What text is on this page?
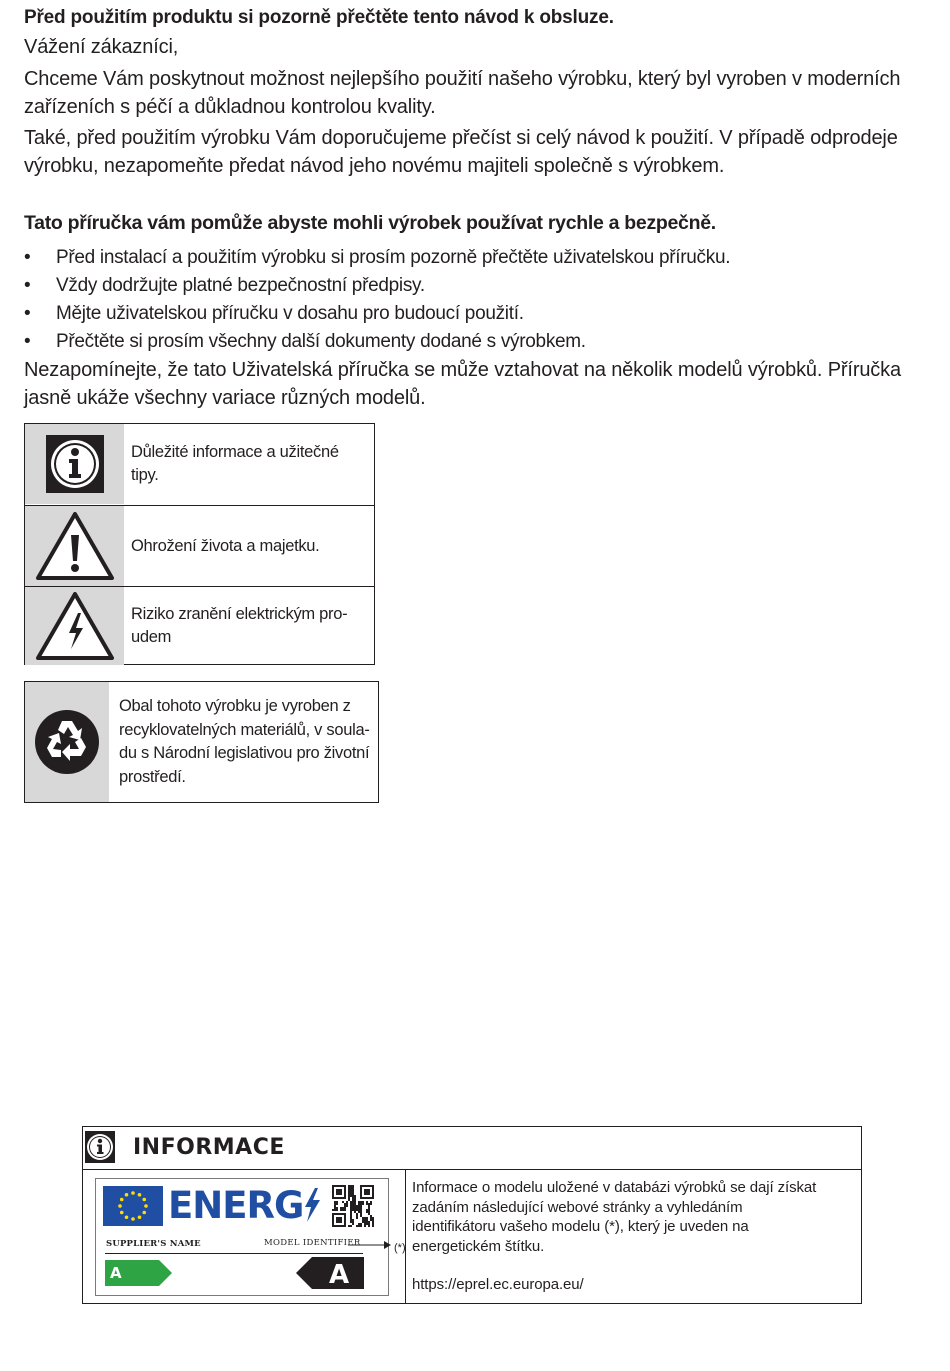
Před použitím produktu si pozorně přečtěte tento návod k obsluze.
Vážení zákazníci,
Chceme Vám poskytnout možnost nejlepšího použití našeho výrobku, který byl vyroben v moderních
zařízeních s péčí a důkladnou kontrolou kvality.
Také, před použitím výrobku Vám doporučujeme přečíst si celý návod k použití. V případě odprodeje
výrobku, nezapomeňte předat návod jeho novému majiteli společně s výrobkem.
Tato příručka vám pomůže abyste mohli výrobek používat rychle a bezpečně.
• Před instalací a použitím výrobku si prosím pozorně přečtěte uživatelskou příručku.
• Vždy dodržujte platné bezpečnostní předpisy.
• Mějte uživatelskou příručku v dosahu pro budoucí použití.
• Přečtěte si prosím všechny další dokumenty dodané s výrobkem.
Nezapomínejte, že tato Uživatelská příručka se může vztahovat na několik modelů výrobků. Příručka
jasně ukáže všechny variace různých modelů.
Důležité informace a užitečné tipy.
Ohrožení života a majetku.
Riziko zranění elektrickým pro-
udem
Obal tohoto výrobku je vyroben z
recyklovatelných materiálů, v soula-
du s Národní legislativou pro životní
prostředí.
INFORMACE
ENERG
SUPPLIER'S NAME	MODEL IDENTIFIER
A	A
(*)
Informace o modelu uložené v databázi výrobků se dají získat
zadáním následující webové stránky a vyhledáním
identifikátoru vašeho modelu (*), který je uveden na
energetickém štítku.
https://eprel.ec.europa.eu/
